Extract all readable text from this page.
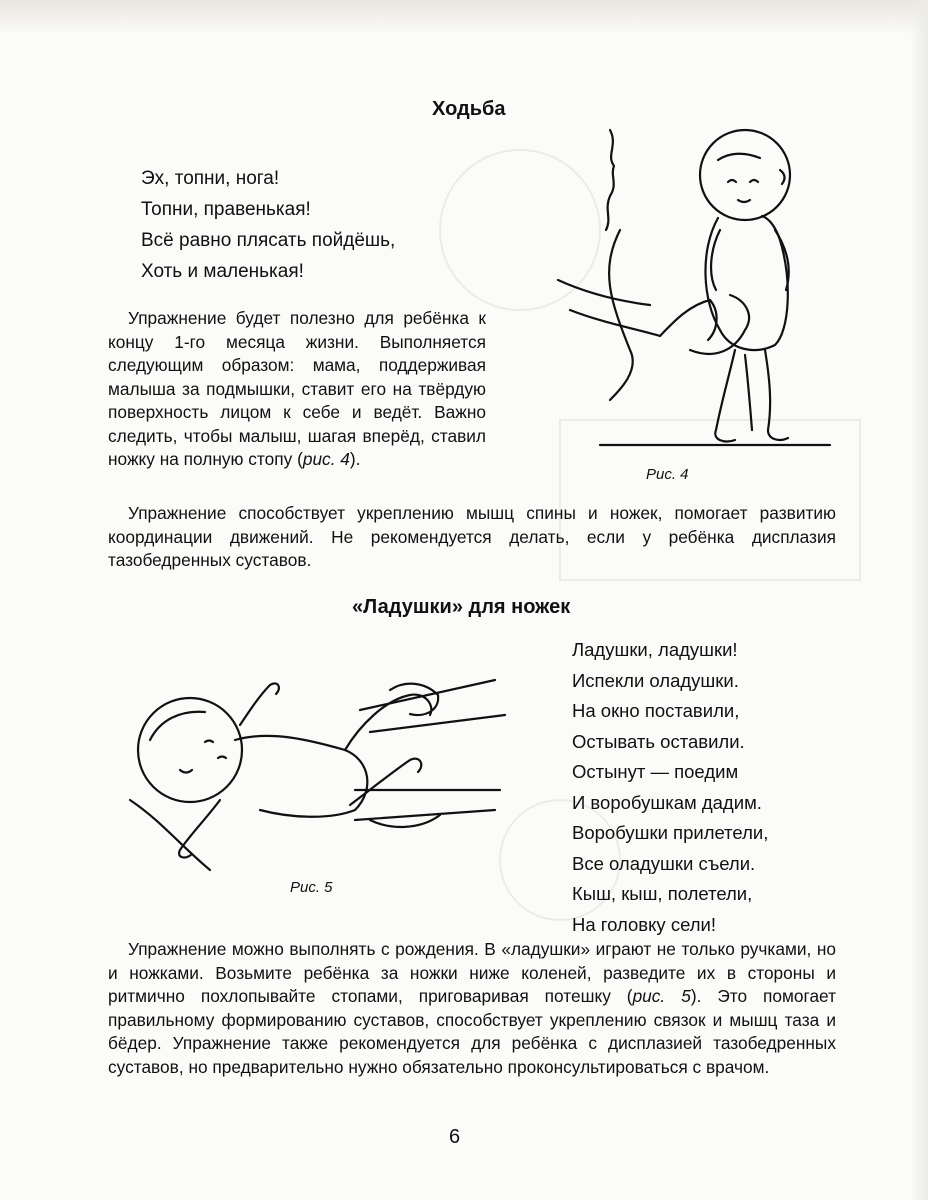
Ходьба
Эх, топни, нога!
Топни, правенькая!
Всё равно плясать пойдёшь,
Хоть и маленькая!
Упражнение будет полезно для ребёнка к концу 1-го месяца жизни. Выполняется следующим образом: мама, поддерживая малыша за подмышки, ставит его на твёрдую поверхность лицом к себе и ведёт. Важно следить, чтобы малыш, шагая вперёд, ставил ножку на полную стопу (рис. 4).
Рис. 4
Упражнение способствует укреплению мышц спины и ножек, помогает развитию координации движений. Не рекомендуется делать, если у ребёнка дисплазия тазобедренных суставов.
«Ладушки» для ножек
Ладушки, ладушки!
Испекли оладушки.
На окно поставили,
Остывать оставили.
Остынут — поедим
И воробушкам дадим.
Воробушки прилетели,
Все оладушки съели.
Кыш, кыш, полетели,
На головку сели!
Рис. 5
Упражнение можно выполнять с рождения. В «ладушки» играют не только ручками, но и ножками. Возьмите ребёнка за ножки ниже коленей, разведите их в стороны и ритмично похлопывайте стопами, приговаривая потешку (рис. 5). Это помогает правильному формированию суставов, способствует укреплению связок и мышц таза и бёдер. Упражнение также рекомендуется для ребёнка с дисплазией тазобедренных суставов, но предварительно нужно обязательно проконсультироваться с врачом.
6
